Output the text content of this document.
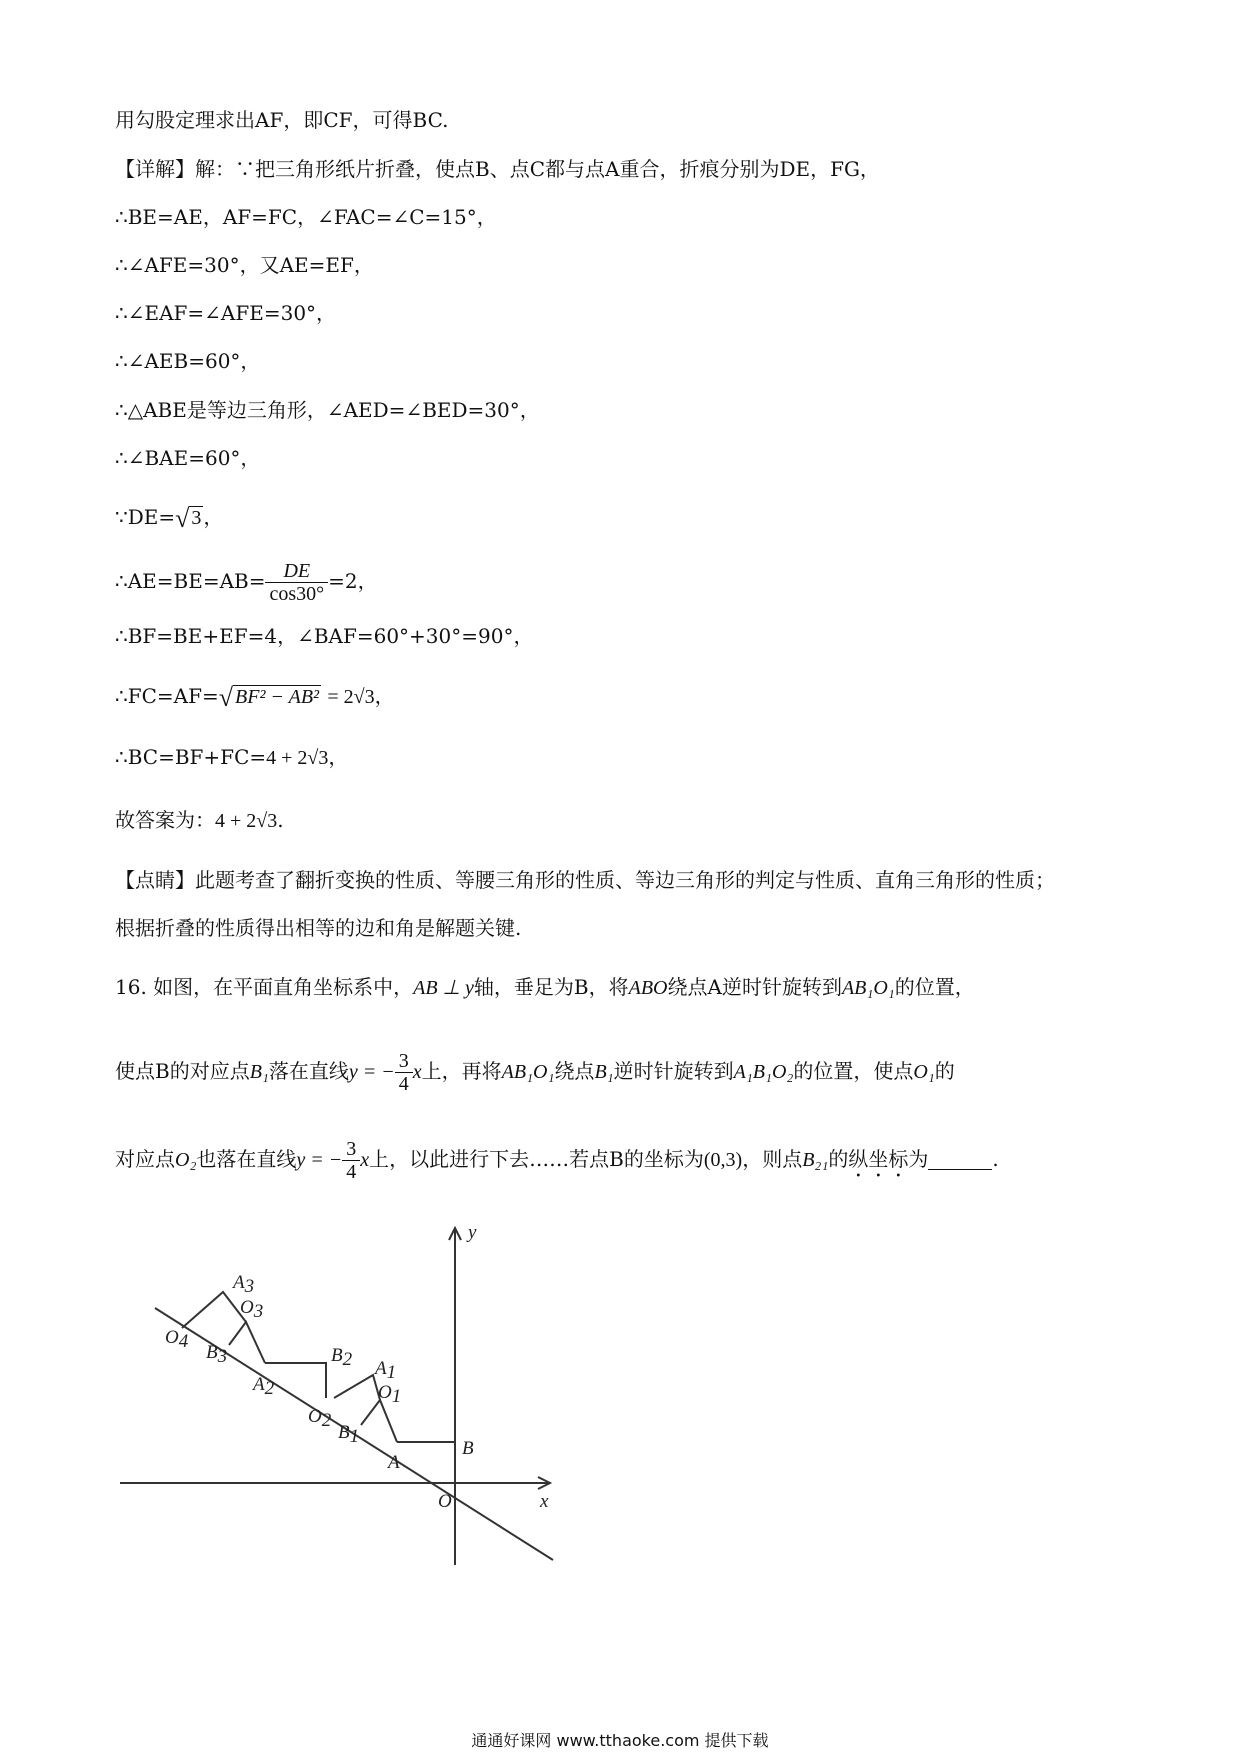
用勾股定理求出AF，即CF，可得BC.
【详解】解：∵把三角形纸片折叠，使点B、点C都与点A重合，折痕分别为DE，FG，
∴BE=AE，AF=FC，∠FAC=∠C=15°，
∴∠AFE=30°，又AE=EF，
∴∠EAF=∠AFE=30°，
∴∠AEB=60°，
∴△ABE是等边三角形，∠AED=∠BED=30°，
∴∠BAE=60°，
∵DE=√ 3 ，
∴AE=BE=AB= $\frac{DE}{\cos 30^\circ} =2$，
∴BF=BE+EF=4，∠BAF=60°+30°=90°，
∴FC=AF=√ BF² − AB² = 2√3，
∴BC=BF+FC=4 + 2√3，
故答案为：4 + 2√3.
【点睛】此题考查了翻折变换的性质、等腰三角形的性质、等边三角形的判定与性质、直角三角形的性质；
根据折叠的性质得出相等的边和角是解题关键.
16. 如图，在平面直角坐标系中，AB ⊥ y轴，垂足为B，将ABO绕点A逆时针旋转到AB₁O₁的位置，
使点B的对应点B₁落在直线y = − $\frac{3}{4}$ x上，再将AB₁O₁绕点B₁逆时针旋转到A₁B₁O₂的位置，使点O₁的
对应点O₂也落在直线y = − $\frac{3}{4}$ x上，以此进行下去……若点B的坐标为(0,3)，则点B₂₁的纵坐标为	.
y
x
O
B
A
A1
O1
B1
O2
B2
A2
B3
O3
A3
O4
通通好课网 www.tthaoke.com 提供下载
